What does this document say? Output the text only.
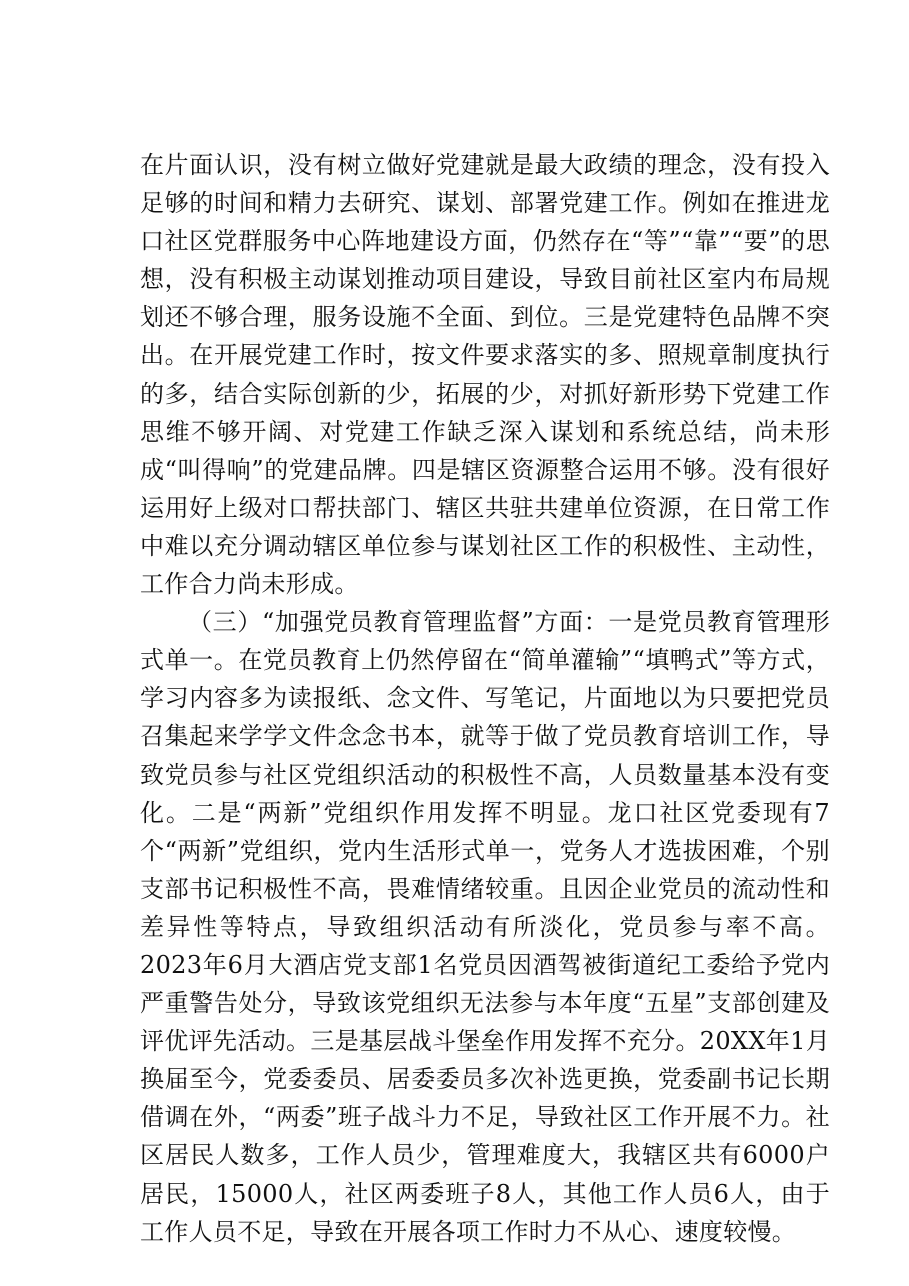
在片面认识，没有树立做好党建就是最大政绩的理念，没有投入足够的时间和精力去研究、谋划、部署党建工作。例如在推进龙口社区党群服务中心阵地建设方面，仍然存在“等”“靠”“要”的思想，没有积极主动谋划推动项目建设，导致目前社区室内布局规划还不够合理，服务设施不全面、到位。三是党建特色品牌不突出。在开展党建工作时，按文件要求落实的多、照规章制度执行的多，结合实际创新的少，拓展的少，对抓好新形势下党建工作思维不够开阔、对党建工作缺乏深入谋划和系统总结，尚未形成“叫得响”的党建品牌。四是辖区资源整合运用不够。没有很好运用好上级对口帮扶部门、辖区共驻共建单位资源，在日常工作中难以充分调动辖区单位参与谋划社区工作的积极性、主动性，工作合力尚未形成。

（三）“加强党员教育管理监督”方面：一是党员教育管理形式单一。在党员教育上仍然停留在“简单灌输”“填鸭式”等方式，学习内容多为读报纸、念文件、写笔记，片面地以为只要把党员召集起来学学文件念念书本，就等于做了党员教育培训工作，导致党员参与社区党组织活动的积极性不高，人员数量基本没有变化。二是“两新”党组织作用发挥不明显。龙口社区党委现有7个“两新”党组织，党内生活形式单一，党务人才选拔困难，个别支部书记积极性不高，畏难情绪较重。且因企业党员的流动性和差异性等特点，导致组织活动有所淡化，党员参与率不高。2023年6月大酒店党支部1名党员因酒驾被街道纪工委给予党内严重警告处分，导致该党组织无法参与本年度“五星”支部创建及评优评先活动。三是基层战斗堡垒作用发挥不充分。20XX年1月换届至今，党委委员、居委委员多次补选更换，党委副书记长期借调在外，“两委”班子战斗力不足，导致社区工作开展不力。社区居民人数多，工作人员少，管理难度大，我辖区共有6000户居民，15000人，社区两委班子8人，其他工作人员6人，由于工作人员不足，导致在开展各项工作时力不从心、速度较慢。
